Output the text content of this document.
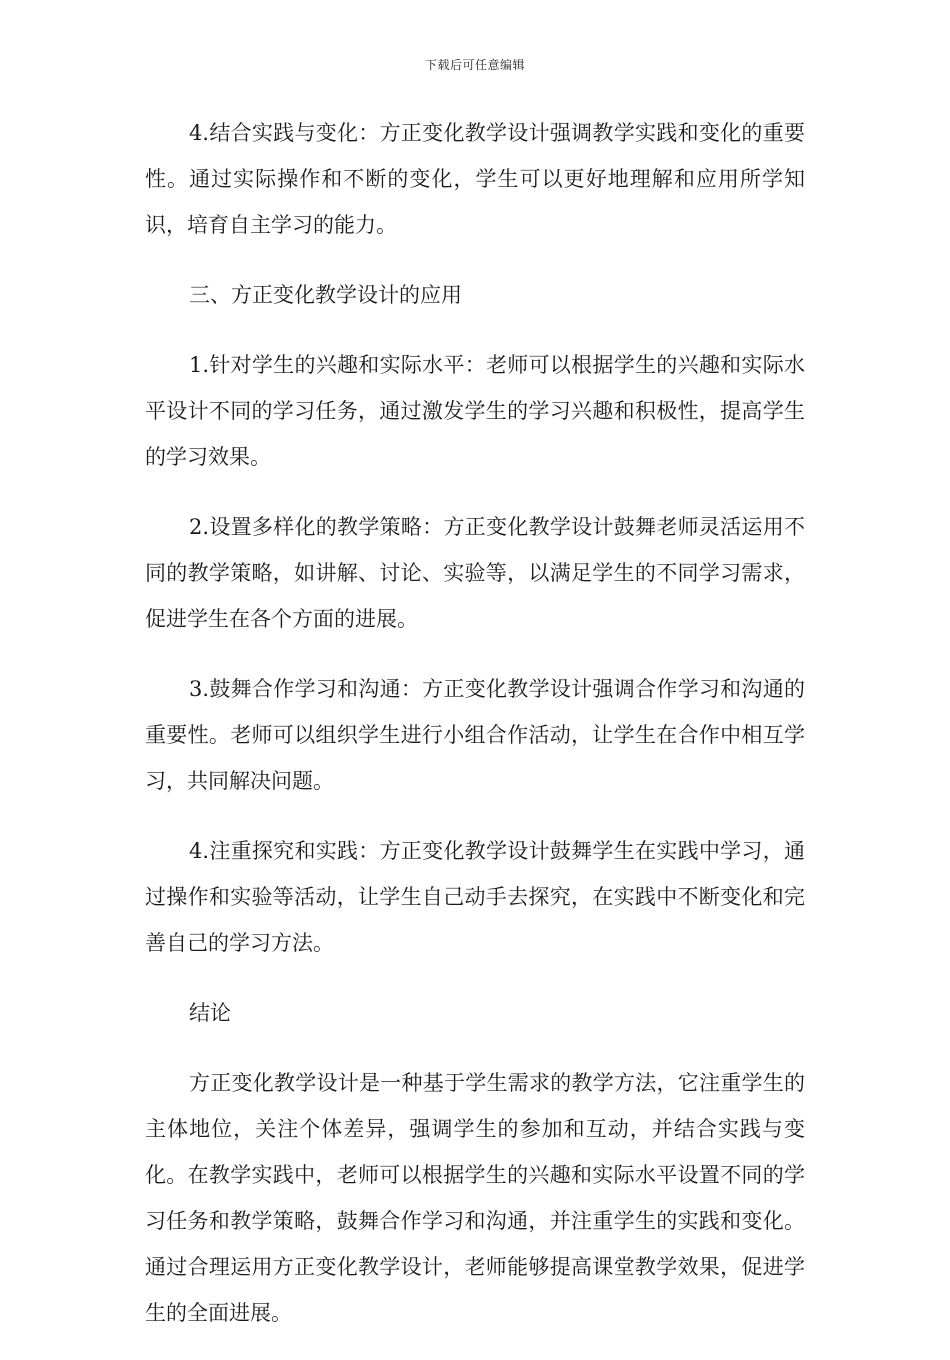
下载后可任意编辑

4.结合实践与变化：方正变化教学设计强调教学实践和变化的重要性。通过实际操作和不断的变化，学生可以更好地理解和应用所学知识，培育自主学习的能力。

三、方正变化教学设计的应用

1.针对学生的兴趣和实际水平：老师可以根据学生的兴趣和实际水平设计不同的学习任务，通过激发学生的学习兴趣和积极性，提高学生的学习效果。

2.设置多样化的教学策略：方正变化教学设计鼓舞老师灵活运用不同的教学策略，如讲解、讨论、实验等，以满足学生的不同学习需求，促进学生在各个方面的进展。

3.鼓舞合作学习和沟通：方正变化教学设计强调合作学习和沟通的重要性。老师可以组织学生进行小组合作活动，让学生在合作中相互学习，共同解决问题。

4.注重探究和实践：方正变化教学设计鼓舞学生在实践中学习，通过操作和实验等活动，让学生自己动手去探究，在实践中不断变化和完善自己的学习方法。

结论

方正变化教学设计是一种基于学生需求的教学方法，它注重学生的主体地位，关注个体差异，强调学生的参加和互动，并结合实践与变化。在教学实践中，老师可以根据学生的兴趣和实际水平设置不同的学习任务和教学策略，鼓舞合作学习和沟通，并注重学生的实践和变化。通过合理运用方正变化教学设计，老师能够提高课堂教学效果，促进学生的全面进展。
